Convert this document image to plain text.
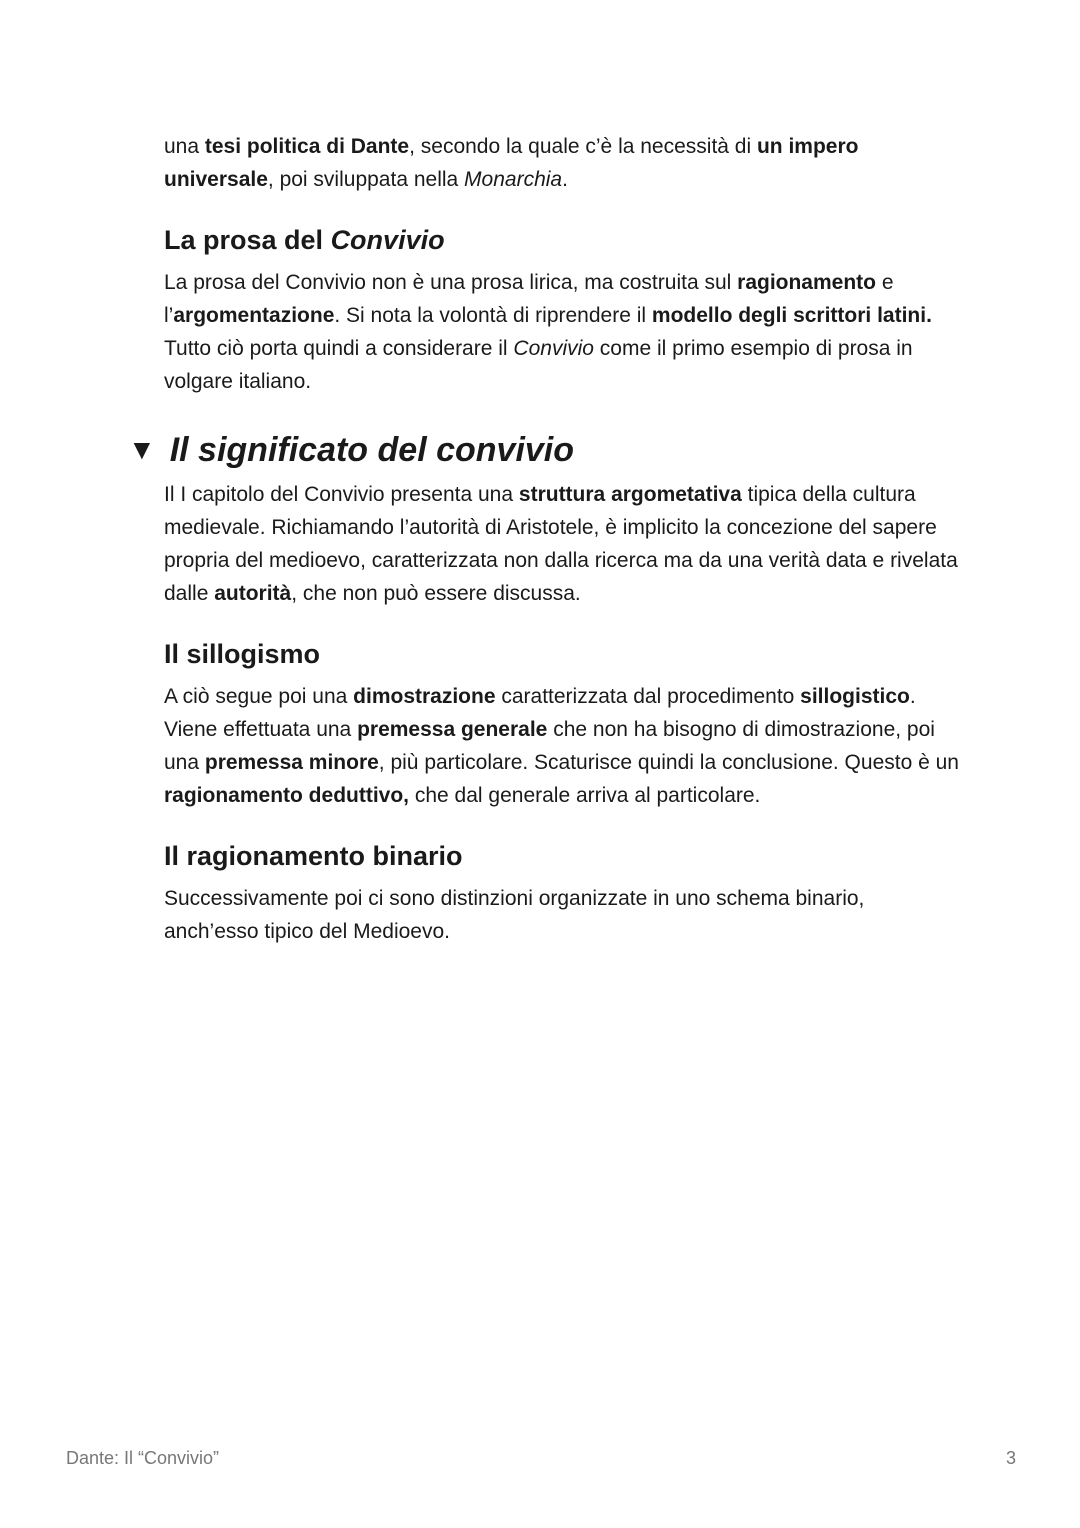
una tesi politica di Dante, secondo la quale c’è la necessità di un impero universale, poi sviluppata nella Monarchia.

La prosa del Convivio

La prosa del Convivio non è una prosa lirica, ma costruita sul ragionamento e l’argomentazione. Si nota la volontà di riprendere il modello degli scrittori latini. Tutto ciò porta quindi a considerare il Convivio come il primo esempio di prosa in volgare italiano.

▼ Il significato del convivio

Il I capitolo del Convivio presenta una struttura argometativa tipica della cultura medievale. Richiamando l’autorità di Aristotele, è implicito la concezione del sapere propria del medioevo, caratterizzata non dalla ricerca ma da una verità data e rivelata dalle autorità, che non può essere discussa.

Il sillogismo

A ciò segue poi una dimostrazione caratterizzata dal procedimento sillogistico. Viene effettuata una premessa generale che non ha bisogno di dimostrazione, poi una premessa minore, più particolare. Scaturisce quindi la conclusione. Questo è un ragionamento deduttivo, che dal generale arriva al particolare.

Il ragionamento binario

Successivamente poi ci sono distinzioni organizzate in uno schema binario, anch’esso tipico del Medioevo.

Dante: Il “Convivio”	3
